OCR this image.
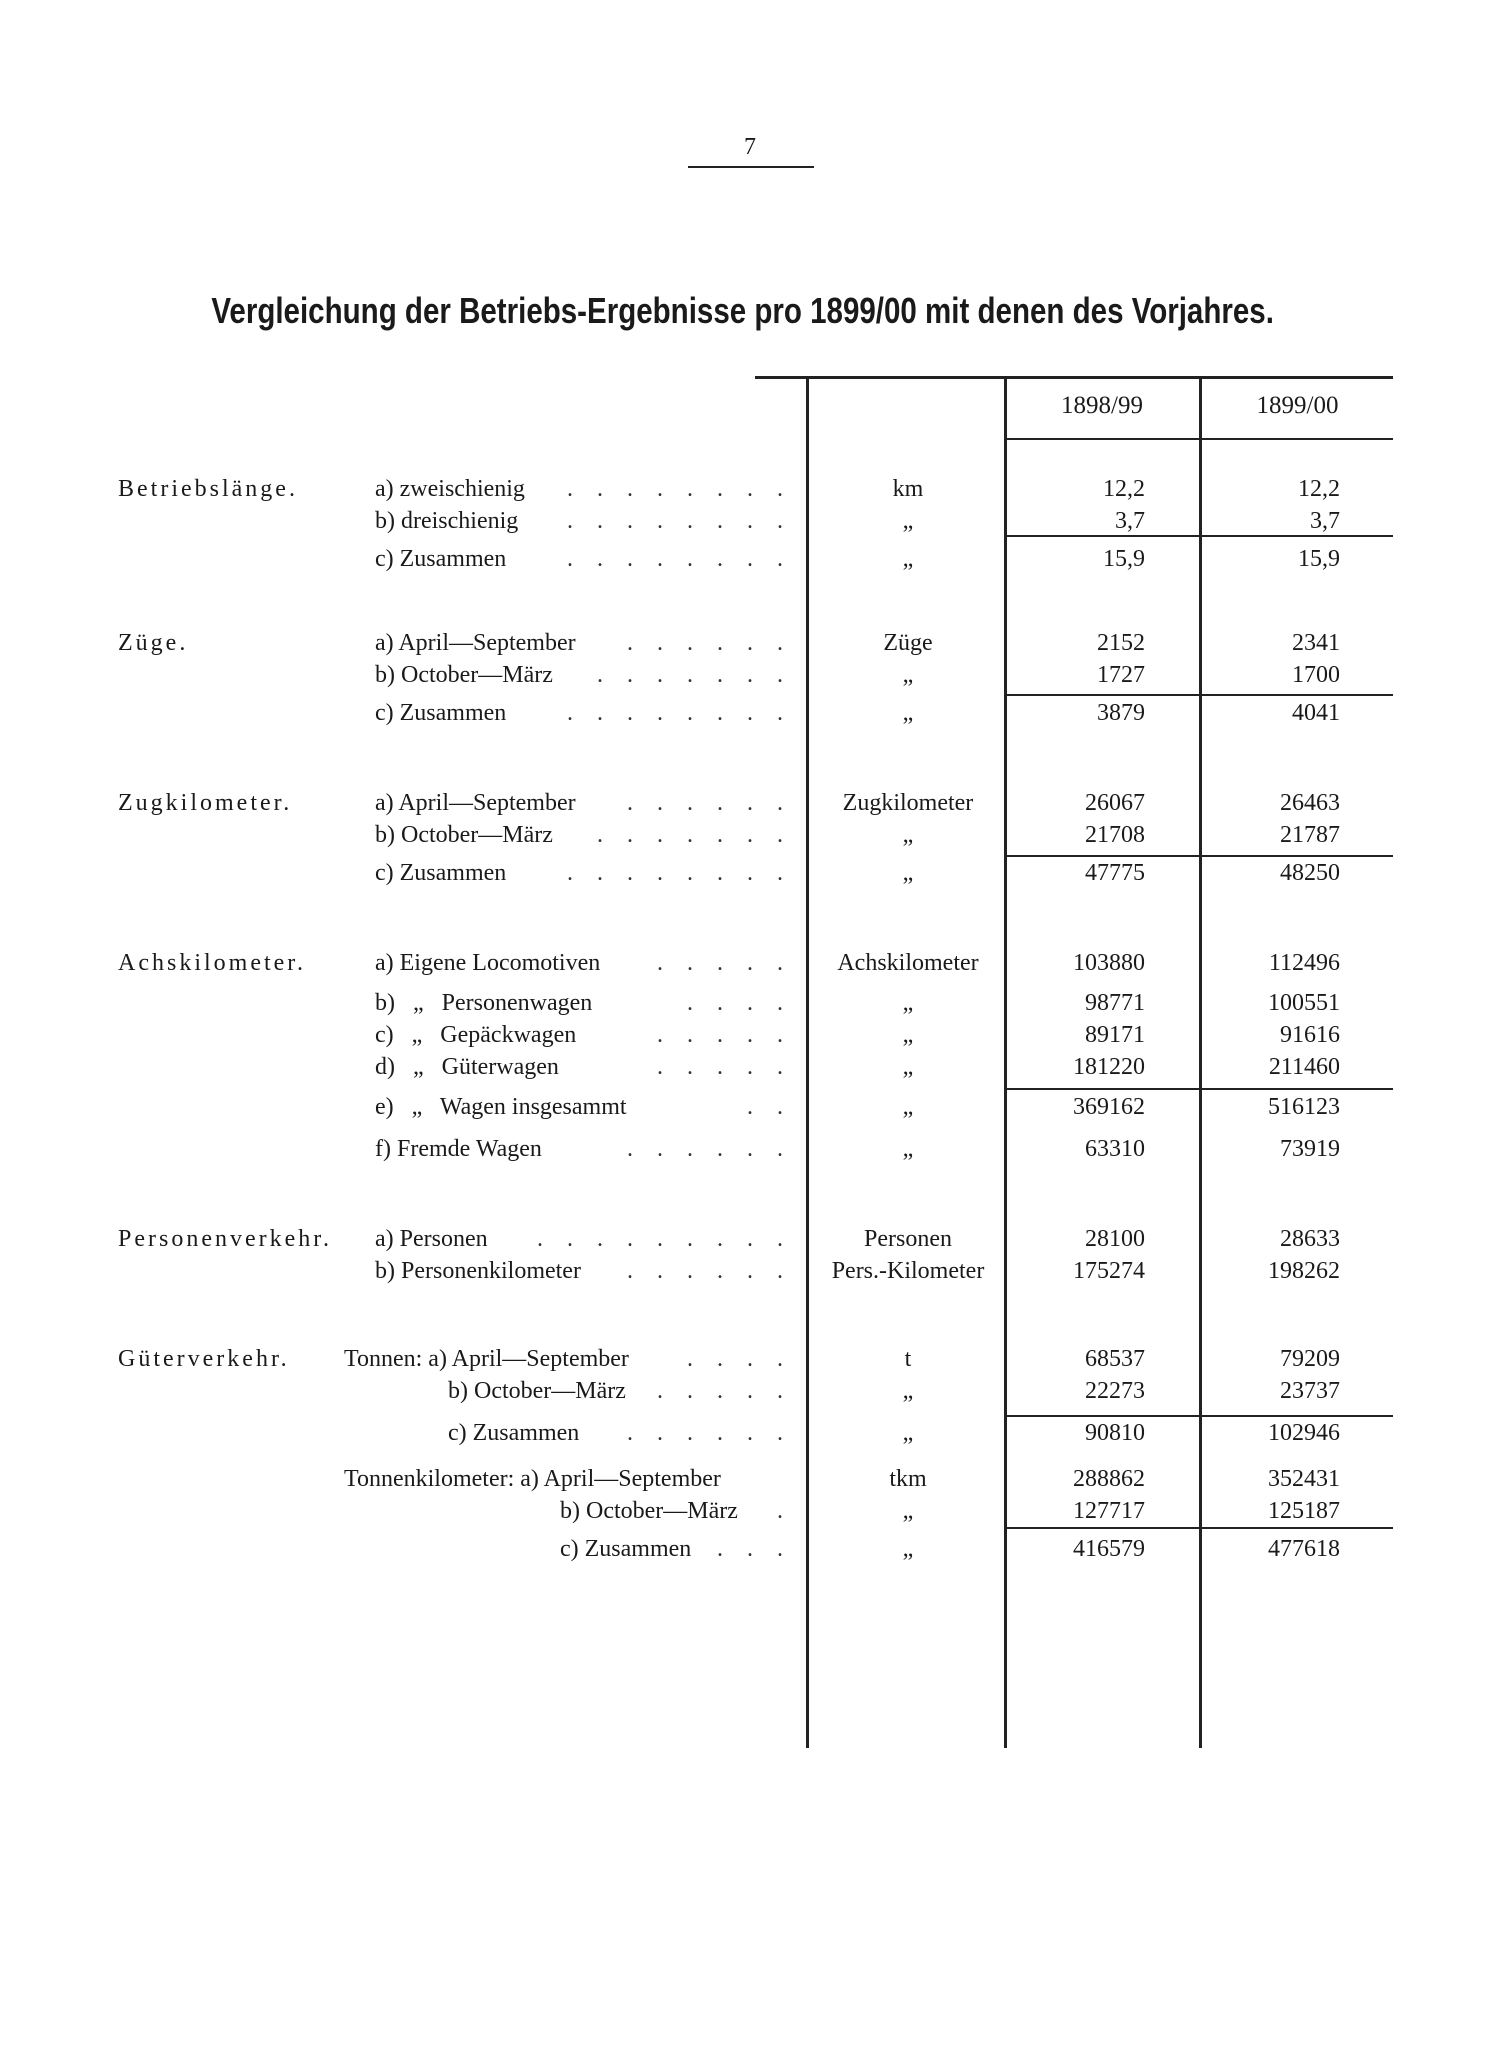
7
Vergleichung der Betriebs-Ergebnisse pro 1899/00 mit denen des Vorjahres.
1898/99	1899/00
Betriebslänge.	a) zweischienig . . . . . . . .	km	12,2	12,2
b) dreischienig . . . . . . . .	„	3,7	3,7
c) Zusammen	. . . . . . . .	„	15,9	15,9
Züge.	a) April—September . . . . . .	Züge	2152	2341
b) October—März . . . . . . .	„	1727	1700
c) Zusammen	. . . . . . . .	„	3879	4041
Zugkilometer.	a) April—September . . . . . .	Zugkilometer	26067	26463
b) October—März . . . . . . .	„	21708	21787
c) Zusammen	. . . . . . . .	„	47775	48250
Achskilometer.	a) Eigene Locomotiven . . . . .	Achskilometer	103880	112496
b)   „   Personenwagen	. . . .	„	98771	100551
c)   „   Gepäckwagen	. . . . .	„	89171	91616
d)   „   Güterwagen	. . . . .	„	181220	211460
e)   „   Wagen insgesammt	. .	„	369162	516123
f) Fremde Wagen	. . . . . .	„	63310	73919
Personenverkehr. a) Personen . . . . . . . . .	Personen	28100	28633
b) Personenkilometer . . . . . .	Pers.-Kilometer	175274	198262
Güterverkehr. Tonnen: a) April—September . . . .	t	68537	79209
b) October—März . . . . .	„	22273	23737
c) Zusammen . . . . . .	„	90810	102946
Tonnenkilometer: a) April—September	tkm	288862	352431
b) October—März .	„	127717	125187
c) Zusammen . . .	„	416579	477618
